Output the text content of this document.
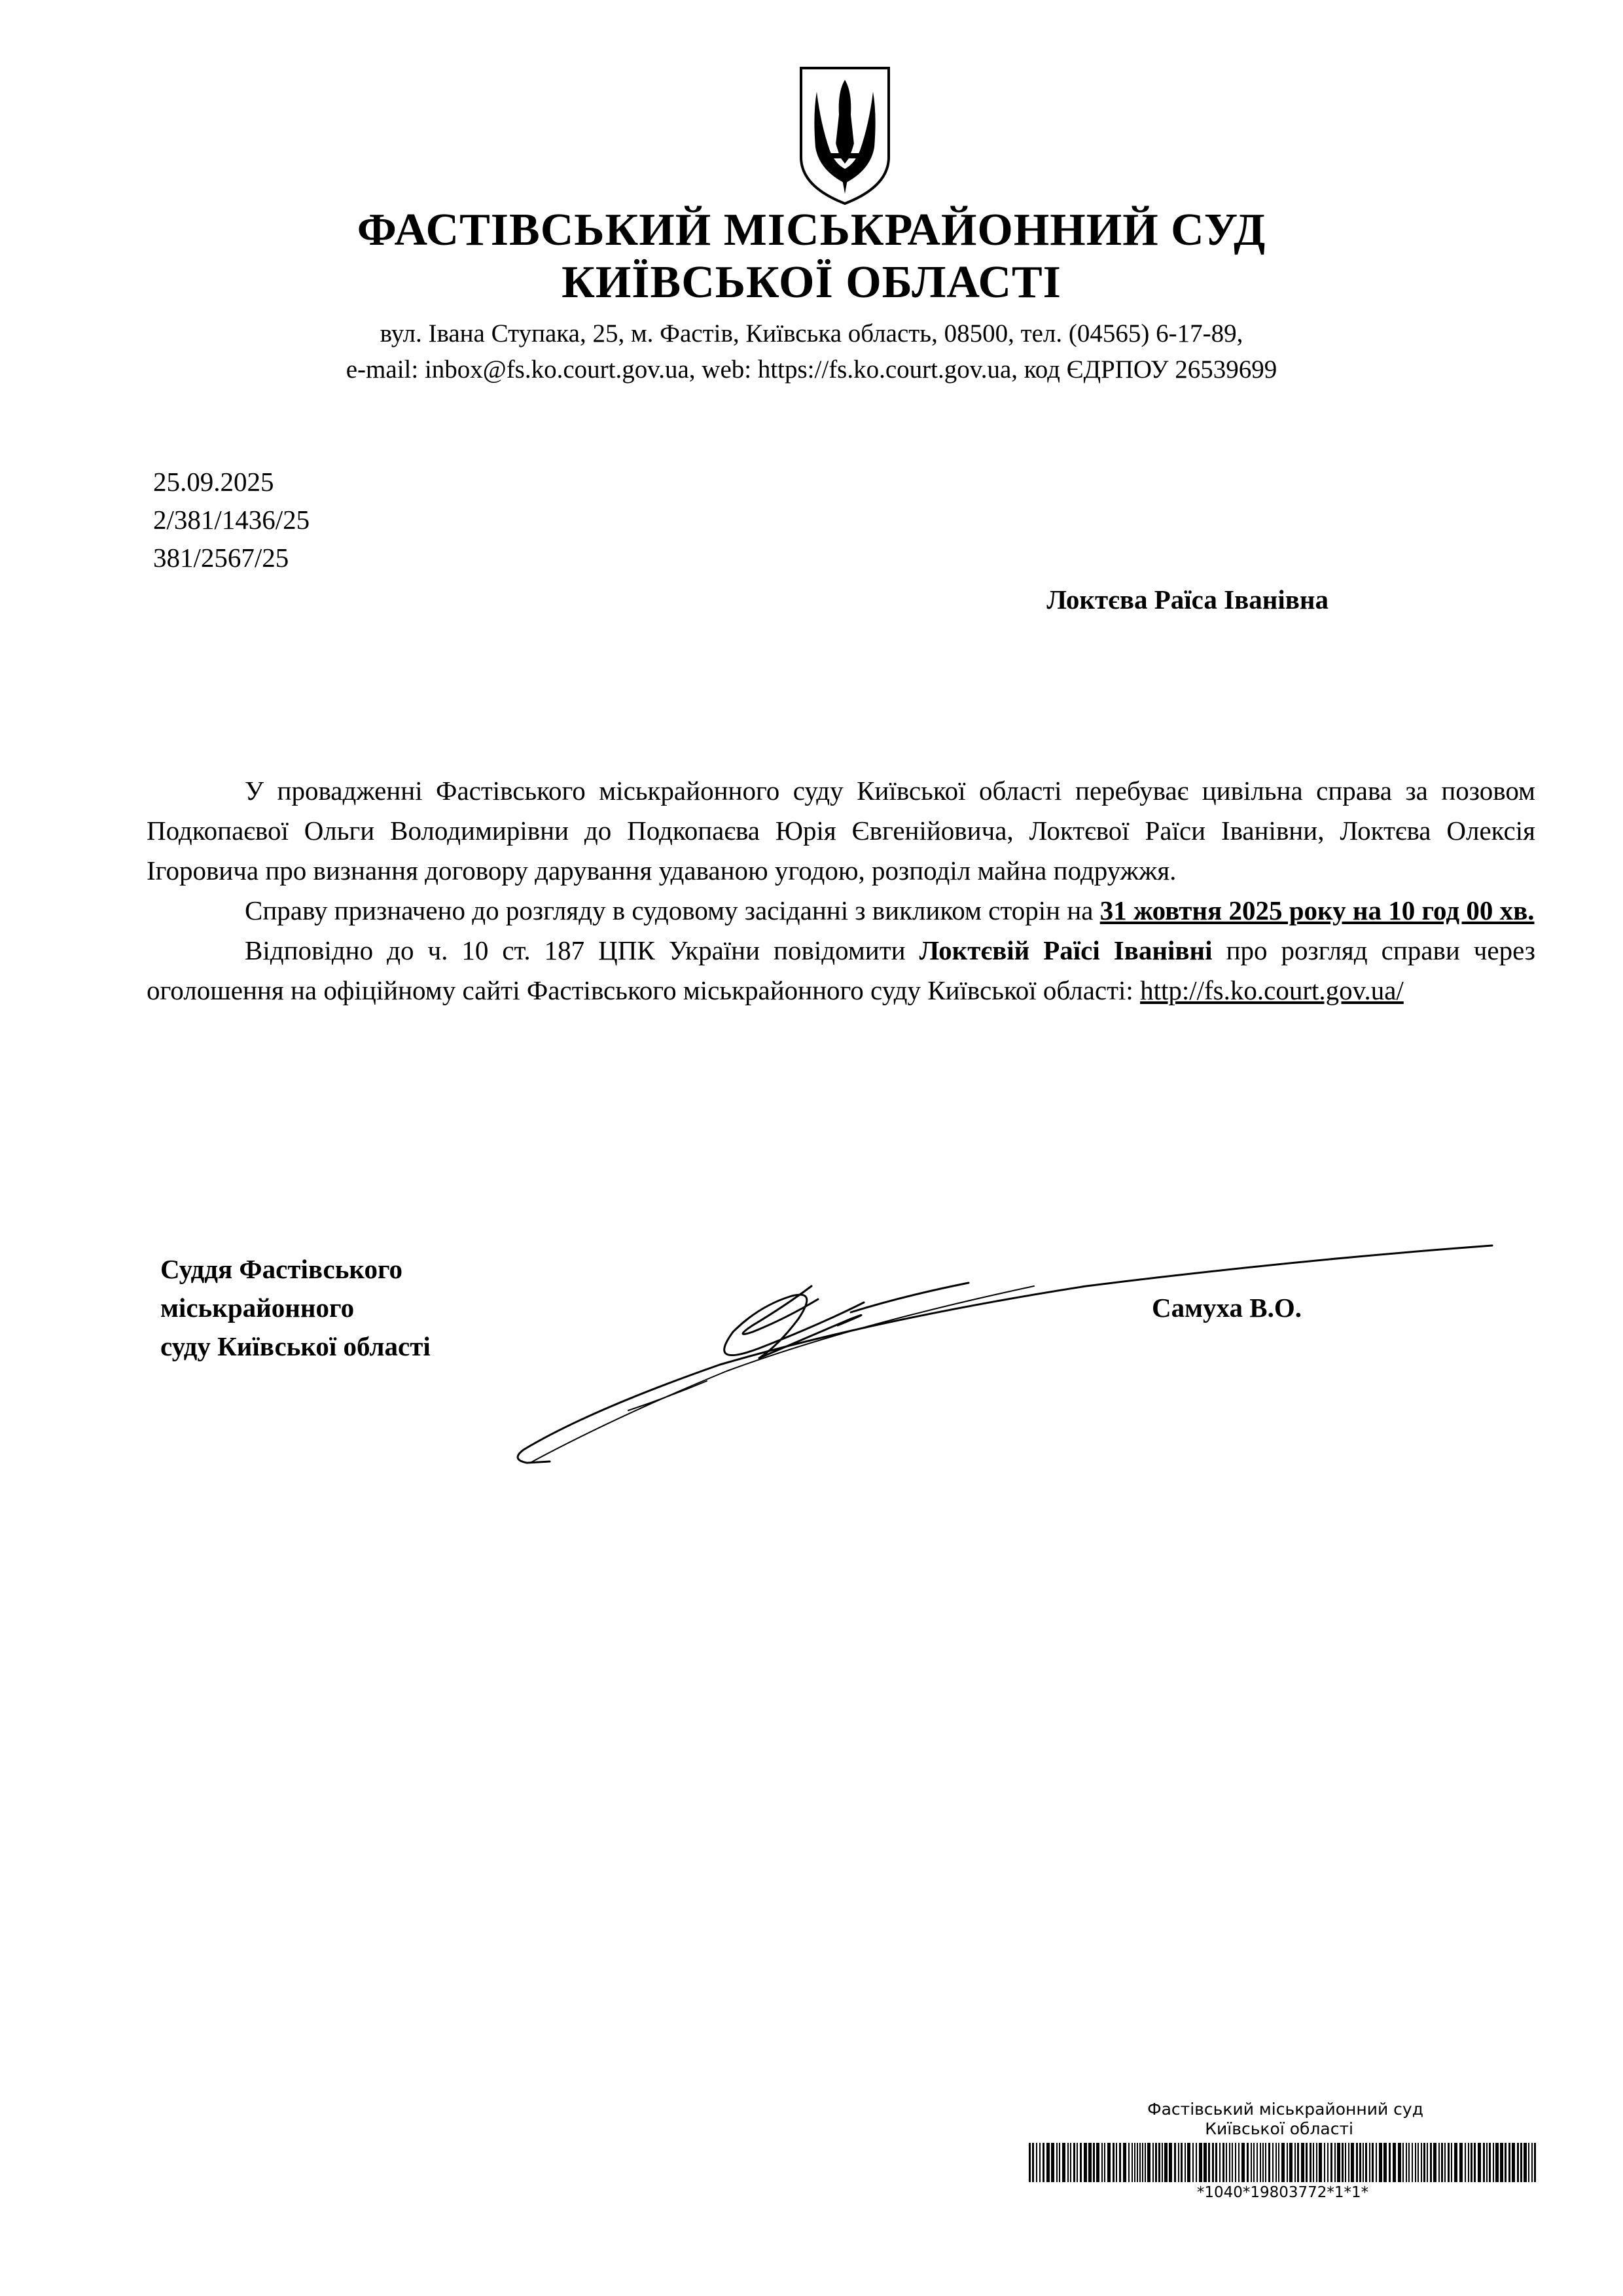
ФАСТІВСЬКИЙ МІСЬКРАЙОННИЙ СУД
КИЇВСЬКОЇ ОБЛАСТІ
вул. Івана Ступака, 25, м. Фастів, Київська область, 08500, тел. (04565) 6-17-89,
e-mail: inbox@fs.ko.court.gov.ua, web: https://fs.ko.court.gov.ua, код ЄДРПОУ 26539699
25.09.2025
2/381/1436/25
381/2567/25
Локтєва Раїса Іванівна

У провадженні Фастівського міськрайонного суду Київської області перебуває цивільна справа за позовом Подкопаєвої Ольги Володимирівни до Подкопаєва Юрія Євгенійовича, Локтєвої Раїси Іванівни, Локтєва Олексія Ігоровича про визнання договору дарування удаваною угодою, розподіл майна подружжя.

Справу призначено до розгляду в судовому засіданні з викликом сторін на 31 жовтня 2025 року на 10 год 00 хв.

Відповідно до ч. 10 ст. 187 ЦПК України повідомити Локтєвій Раїсі Іванівні про розгляд справи через оголошення на офіційному сайті Фастівського міськрайонного суду Київської області: http://fs.ko.court.gov.ua/

Суддя Фастівського
міськрайонного
суду Київської області
Самуха В.О.
Фастівський міськрайонний суд
Київської області
*1040*19803772*1*1*
